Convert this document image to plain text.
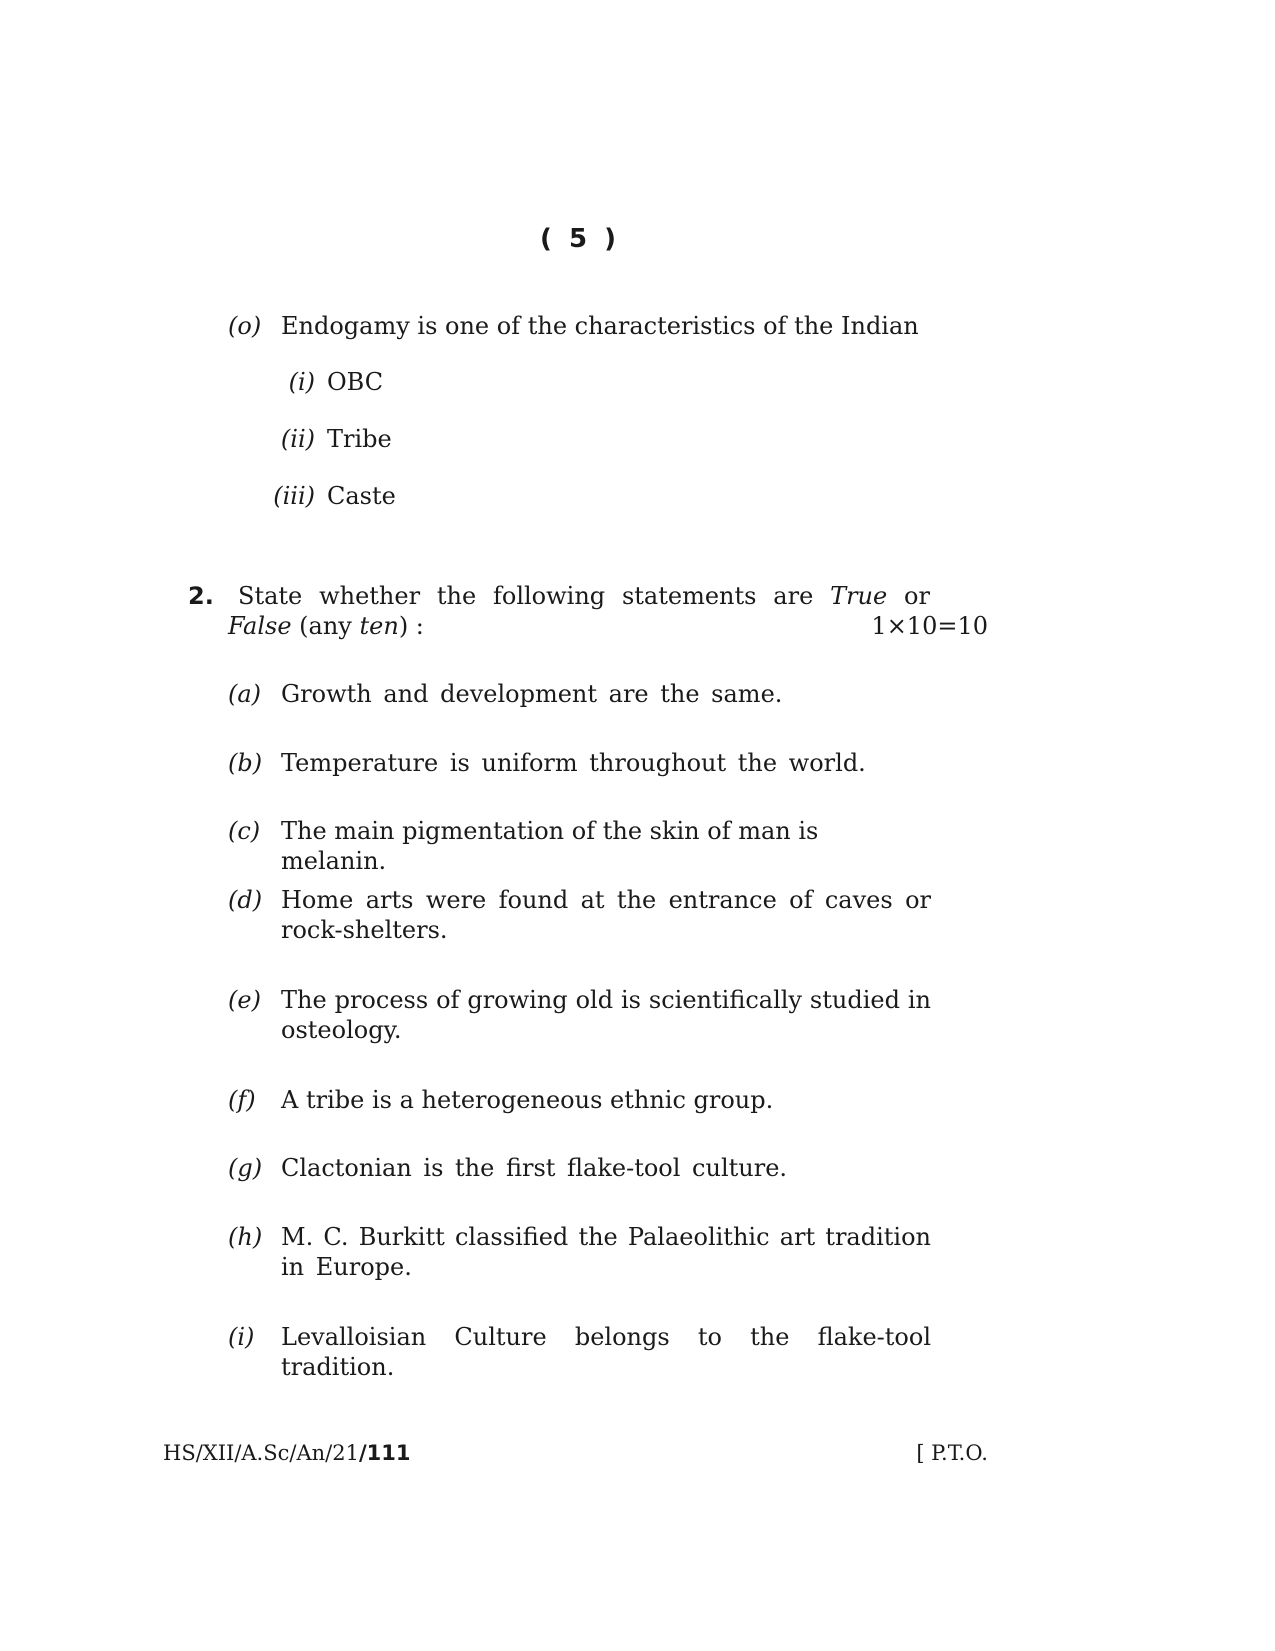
( 5 )
(o) Endogamy is one of the characteristics of the Indian
(i) OBC
(ii) Tribe
(iii) Caste
2. State whether the following statements are True or
False (any ten) :	1×10=10
(a) Growth and development are the same.
(b) Temperature is uniform throughout the world.
(c) The main pigmentation of the skin of man is melanin.
(d) Home arts were found at the entrance of caves or
rock-shelters.
(e) The process of growing old is scientifically studied in
osteology.
(f) A tribe is a heterogeneous ethnic group.
(g) Clactonian is the first flake-tool culture.
(h) M. C. Burkitt classified the Palaeolithic art tradition
in Europe.
(i) Levalloisian Culture belongs to the flake-tool
tradition.
HS/XII/A.Sc/An/21/111	[ P.T.O.
